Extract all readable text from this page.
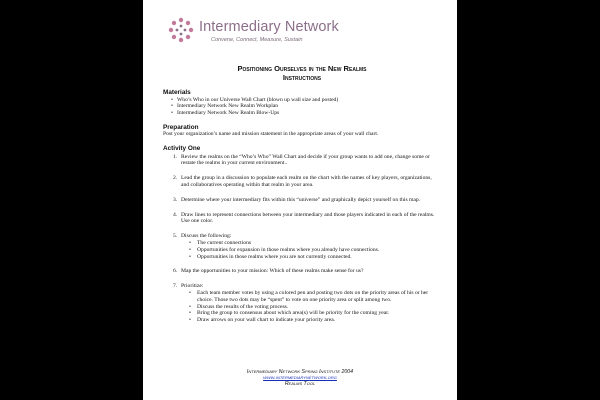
Intermediary Network
Convene, Connect, Measure, Sustain
Positioning Ourselves in the New Realms
Instructions
Materials
• Who’s Who in our Universe Wall Chart (blown up wall size and posted)
• Intermediary Network New Realm Workplan
• Intermediary Network New Realm Blow-Ups
Preparation
Post your organization’s name and mission statement in the appropriate areas of your wall chart.
Activity One
1. Review the realms on the “Who’s Who” Wall Chart and decide if your group wants to add one, change some or restate the realms in your current environment..
2. Lead the group in a discussion to populate each realm on the chart with the names of key players, organizations, and collaboratives operating within that realm in your area.
3. Determine where your intermediary fits within this “universe” and graphically depict yourself on this map.
4. Draw lines to represent connections between your intermediary and those players indicated in each of the realms. Use one color.
5. Discuss the following:
• The current connections
• Opportunities for expansion in those realms where you already have connections.
• Opportunities in those realms where you are not currently connected.
6. Map the opportunities to your mission: Which of these realms make sense for us?
7. Prioritize:
• Each team member votes by using a colored pen and posting two dots on the priority areas of his or her choice. Those two dots may be “spent” to vote on one priority area or split among two.
• Discuss the results of the voting process.
• Bring the group to consensus about which area(s) will be priority for the coming year.
• Draw arrows on your wall chart to indicate your priority area.
Intermediary Network Spring Institute 2004
www.intermediarynetwork.org
Realms Tool
